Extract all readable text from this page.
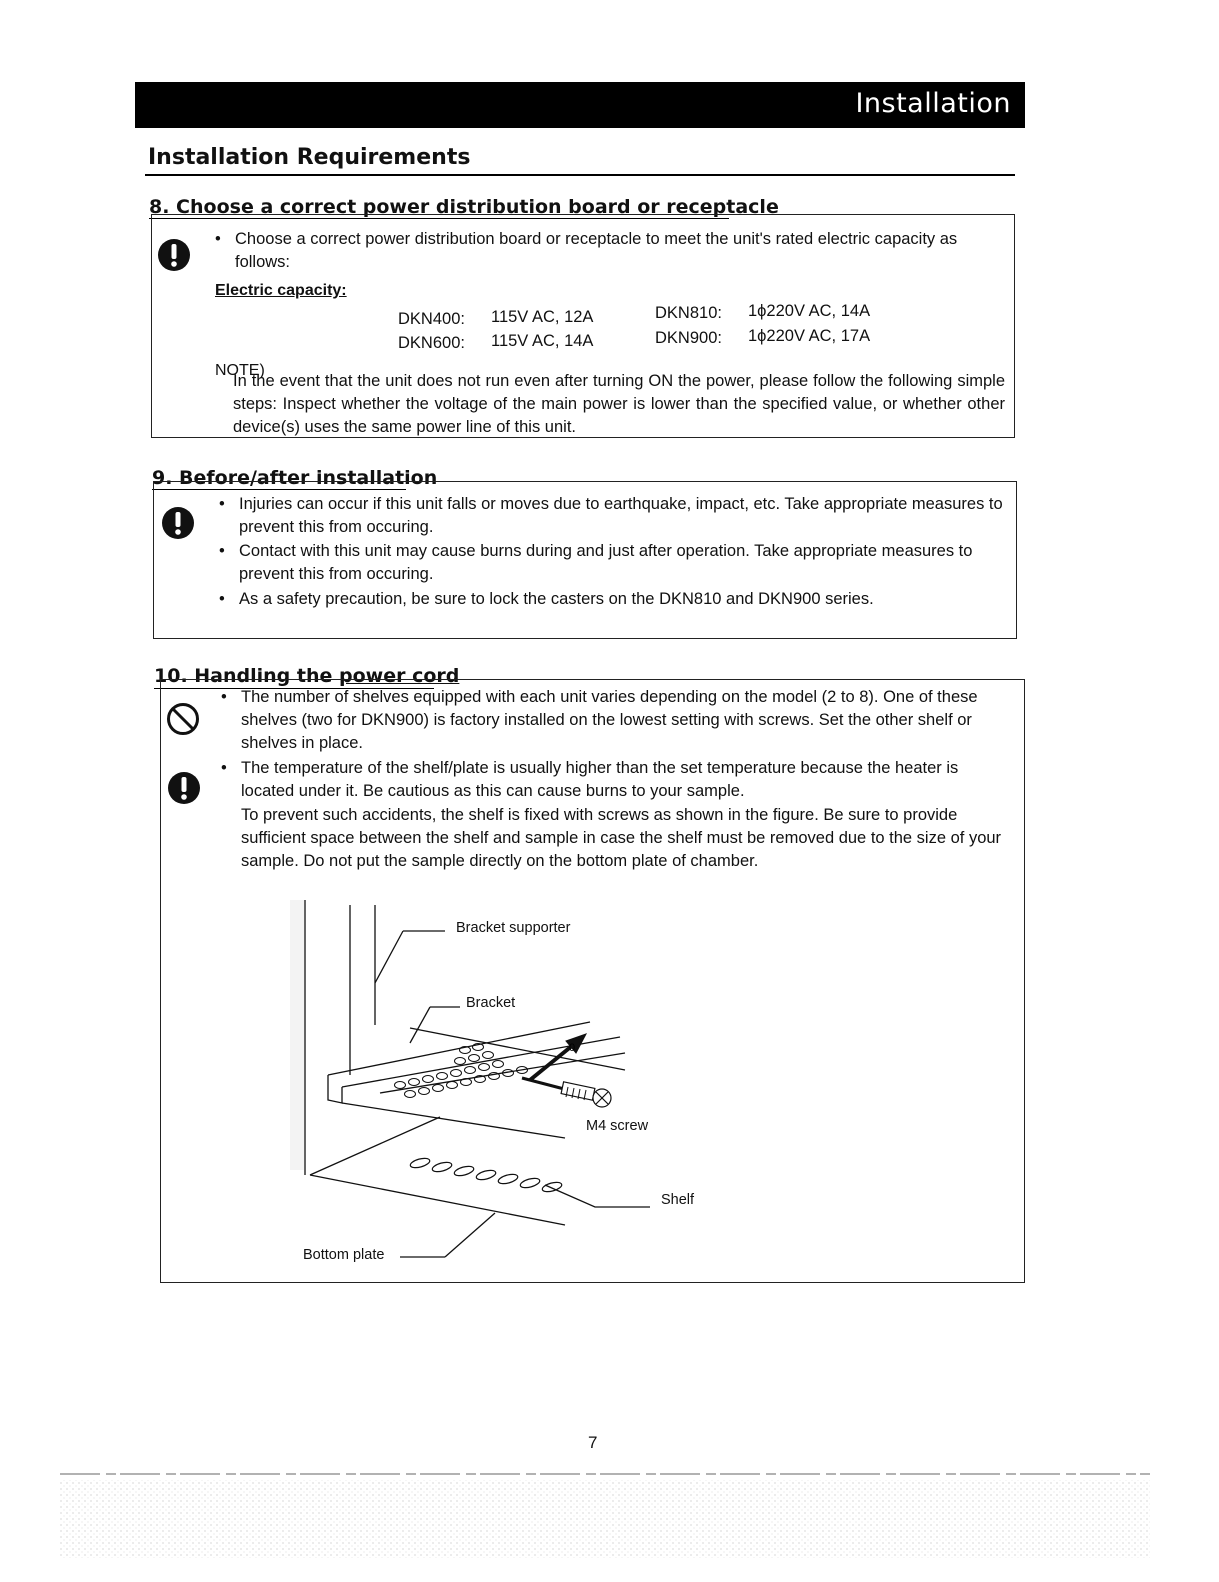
Installation
Installation Requirements
8. Choose a correct power distribution board or receptacle
• Choose a correct power distribution board or receptacle to meet the unit's rated electric capacity as follows:
Electric capacity:
DKN400: 115V AC, 12A
DKN600: 115V AC, 14A
DKN810: 1ϕ220V AC, 14A
DKN900: 1ϕ220V AC, 17A
NOTE)
In the event that the unit does not run even after turning ON the power, please follow the following simple steps: Inspect whether the voltage of the main power is lower than the specified value, or whether other device(s) uses the same power line of this unit.
9. Before/after installation
• Injuries can occur if this unit falls or moves due to earthquake, impact, etc. Take appropriate measures to prevent this from occuring.
• Contact with this unit may cause burns during and just after operation. Take appropriate measures to prevent this from occuring.
• As a safety precaution, be sure to lock the casters on the DKN810 and DKN900 series.
10. Handling the power cord
• The number of shelves equipped with each unit varies depending on the model (2 to 8). One of these shelves (two for DKN900) is factory installed on the lowest setting with screws. Set the other shelf or shelves in place.
• The temperature of the shelf/plate is usually higher than the set temperature because the heater is located under it. Be cautious as this can cause burns to your sample.
To prevent such accidents, the shelf is fixed with screws as shown in the figure. Be sure to provide sufficient space between the shelf and sample in case the shelf must be removed due to the size of your sample. Do not put the sample directly on the bottom plate of chamber.
0
Bracket supporter
Bracket
M4 screw
Shelf
Bottom plate
7
